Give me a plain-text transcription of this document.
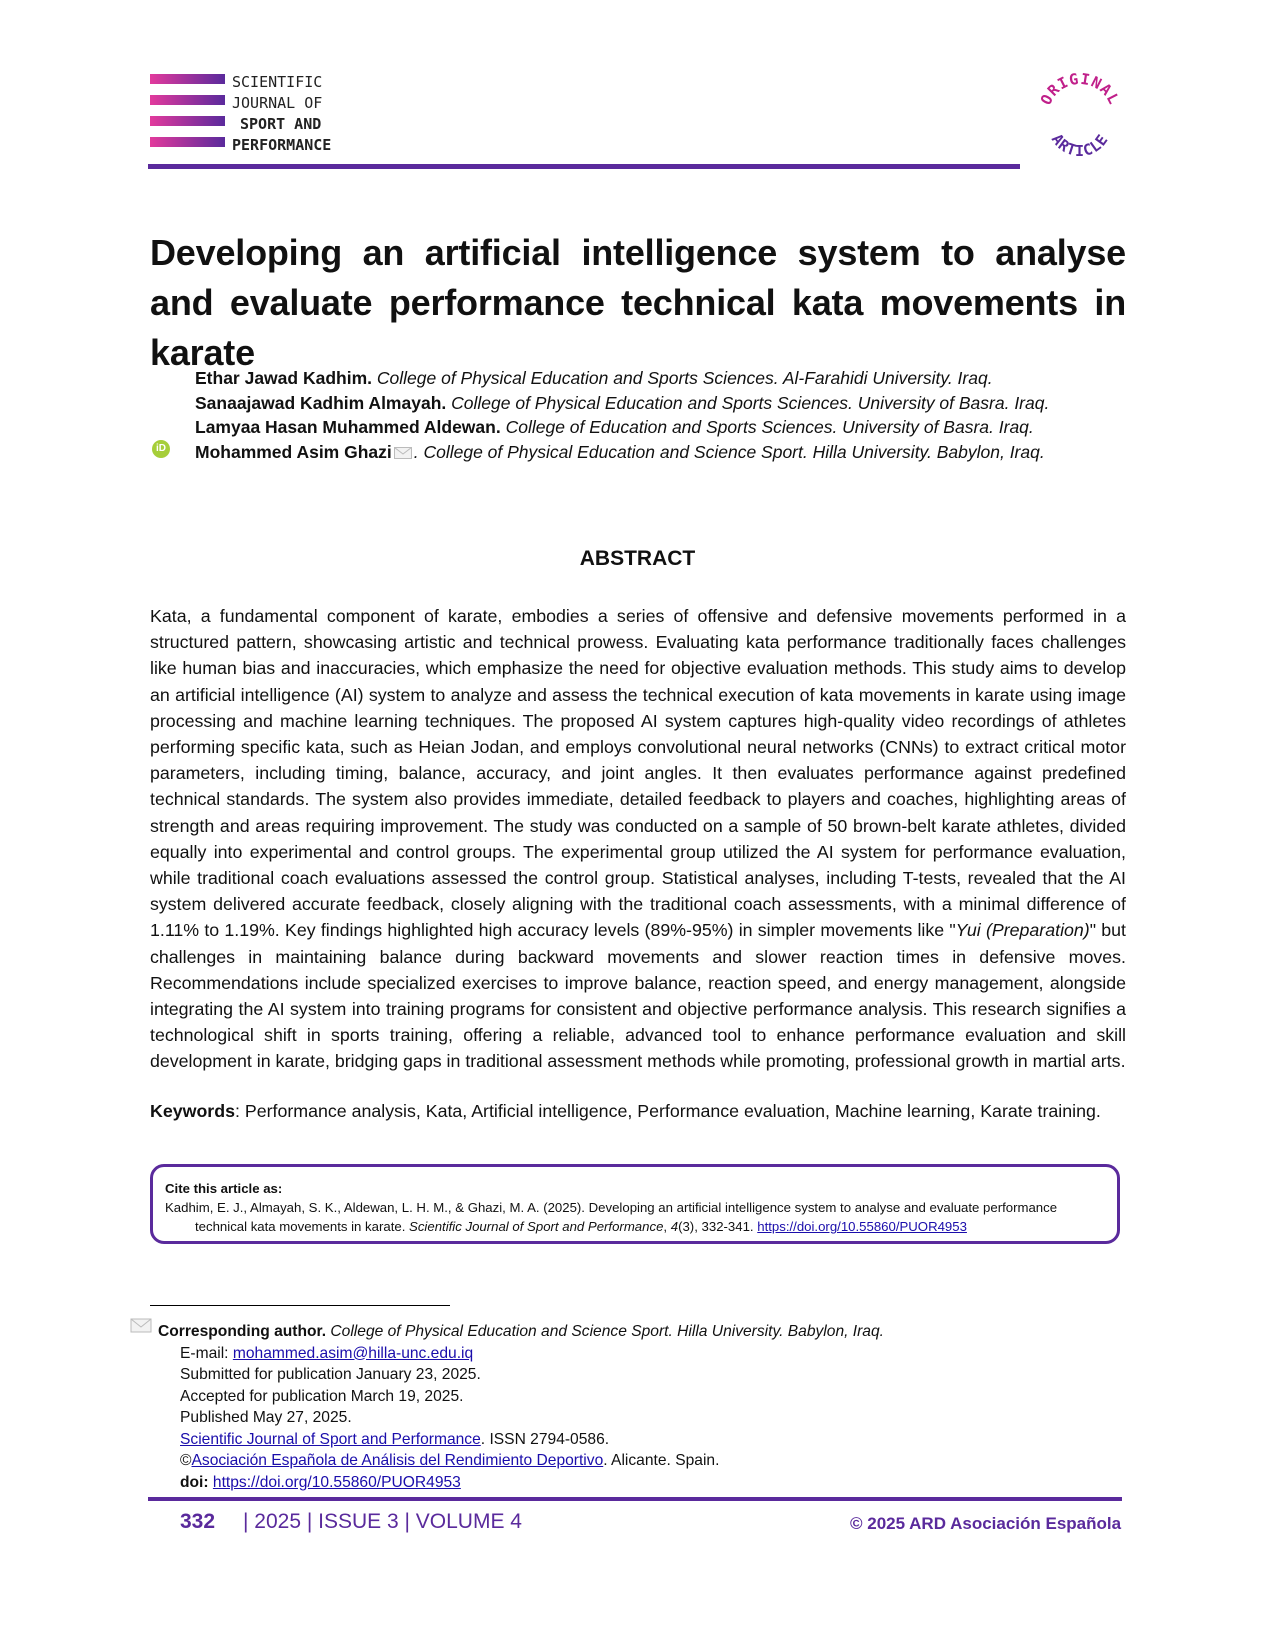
SCIENTIFIC
JOURNAL OF
SPORT AND
PERFORMANCE
ORIGINAL
ARTICLE
Developing an artificial intelligence system to analyse and evaluate performance technical kata movements in karate
iD
Ethar Jawad Kadhim. College of Physical Education and Sports Sciences. Al-Farahidi University. Iraq.
Sanaajawad Kadhim Almayah. College of Physical Education and Sports Sciences. University of Basra. Iraq.
Lamyaa Hasan Muhammed Aldewan. College of Education and Sports Sciences. University of Basra. Iraq.
Mohammed Asim Ghazi . College of Physical Education and Science Sport. Hilla University. Babylon, Iraq.
ABSTRACT
Kata, a fundamental component of karate, embodies a series of offensive and defensive movements performed in a structured pattern, showcasing artistic and technical prowess. Evaluating kata performance traditionally faces challenges like human bias and inaccuracies, which emphasize the need for objective evaluation methods. This study aims to develop an artificial intelligence (AI) system to analyze and assess the technical execution of kata movements in karate using image processing and machine learning techniques. The proposed AI system captures high-quality video recordings of athletes performing specific kata, such as Heian Jodan, and employs convolutional neural networks (CNNs) to extract critical motor parameters, including timing, balance, accuracy, and joint angles. It then evaluates performance against predefined technical standards. The system also provides immediate, detailed feedback to players and coaches, highlighting areas of strength and areas requiring improvement. The study was conducted on a sample of 50 brown-belt karate athletes, divided equally into experimental and control groups. The experimental group utilized the AI system for performance evaluation, while traditional coach evaluations assessed the control group. Statistical analyses, including T-tests, revealed that the AI system delivered accurate feedback, closely aligning with the traditional coach assessments, with a minimal difference of 1.11% to 1.19%. Key findings highlighted high accuracy levels (89%-95%) in simpler movements like "Yui (Preparation)" but challenges in maintaining balance during backward movements and slower reaction times in defensive moves. Recommendations include specialized exercises to improve balance, reaction speed, and energy management, alongside integrating the AI system into training programs for consistent and objective performance analysis. This research signifies a technological shift in sports training, offering a reliable, advanced tool to enhance performance evaluation and skill development in karate, bridging gaps in traditional assessment methods while promoting, professional growth in martial arts.
Keywords: Performance analysis, Kata, Artificial intelligence, Performance evaluation, Machine learning, Karate training.
Cite this article as:
Kadhim, E. J., Almayah, S. K., Aldewan, L. H. M., & Ghazi, M. A. (2025). Developing an artificial intelligence system to analyse and evaluate performance technical kata movements in karate. Scientific Journal of Sport and Performance, 4(3), 332-341. https://doi.org/10.55860/PUOR4953
Corresponding author. College of Physical Education and Science Sport. Hilla University. Babylon, Iraq.
E-mail: mohammed.asim@hilla-unc.edu.iq
Submitted for publication January 23, 2025.
Accepted for publication March 19, 2025.
Published May 27, 2025.
Scientific Journal of Sport and Performance. ISSN 2794-0586.
©Asociación Española de Análisis del Rendimiento Deportivo. Alicante. Spain.
doi: https://doi.org/10.55860/PUOR4953
332 | 2025 | ISSUE 3 | VOLUME 4	© 2025 ARD Asociación Española
